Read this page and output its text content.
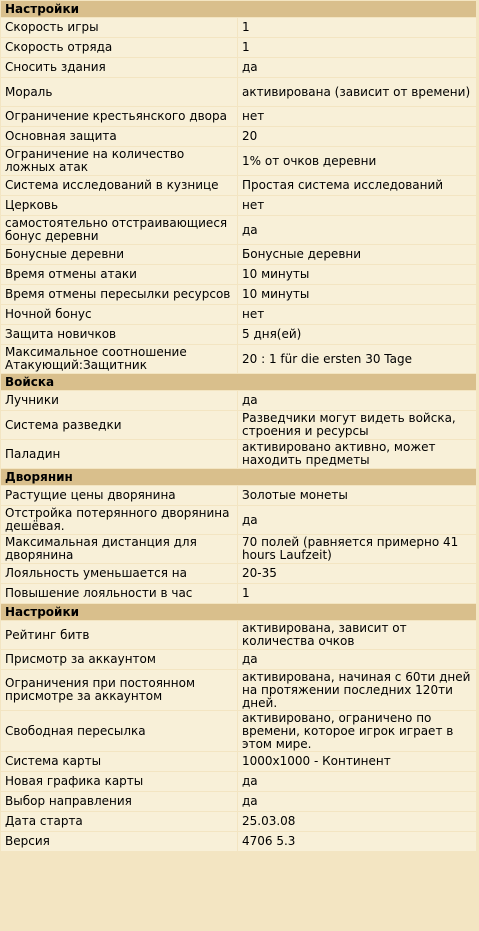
Настройки	
Скорость игры	1
Скорость отряда	1
Сносить здания	да
Мораль	активирована (зависит от времени)
Ограничение крестьянского двора	нет
Основная защита	20
Ограничение на количество ложных атак	1% от очков деревни
Система исследований в кузнице	Простая система исследований
Церковь	нет
самостоятельно отстраивающиеся бонус деревни	да
Бонусные деревни	Бонусные деревни
Время отмены атаки	10 минуты
Время отмены пересылки ресурсов	10 минуты
Ночной бонус	нет
Защита новичков	5 дня(ей)
Максимальное соотношение Атакующий:Защитник	20 : 1 für die ersten 30 Tage
Войска	
Лучники	да
Система разведки	Разведчики могут видеть войска, строения и ресурсы
Паладин	активировано активно, может находить предметы
Дворянин	
Растущие цены дворянина	Золотые монеты
Отстройка потерянного дворянина дешёвая.	да
Максимальная дистанция для дворянина	70 полей (равняется примерно 41 hours Laufzeit)
Лояльность уменьшается на	20-35
Повышение лояльности в час	1
Настройки	
Рейтинг битв	активирована, зависит от количества очков
Присмотр за аккаунтом	да
Ограничения при постоянном присмотре за аккаунтом	активирована, начиная с 60ти дней на протяжении последних 120ти дней.
Свободная пересылка	активировано, ограничено по времени, которое игрок играет в этом мире.
Система карты	1000x1000 - Континент
Новая графика карты	да
Выбор направления	да
Дата старта	25.03.08
Версия	4706 5.3
